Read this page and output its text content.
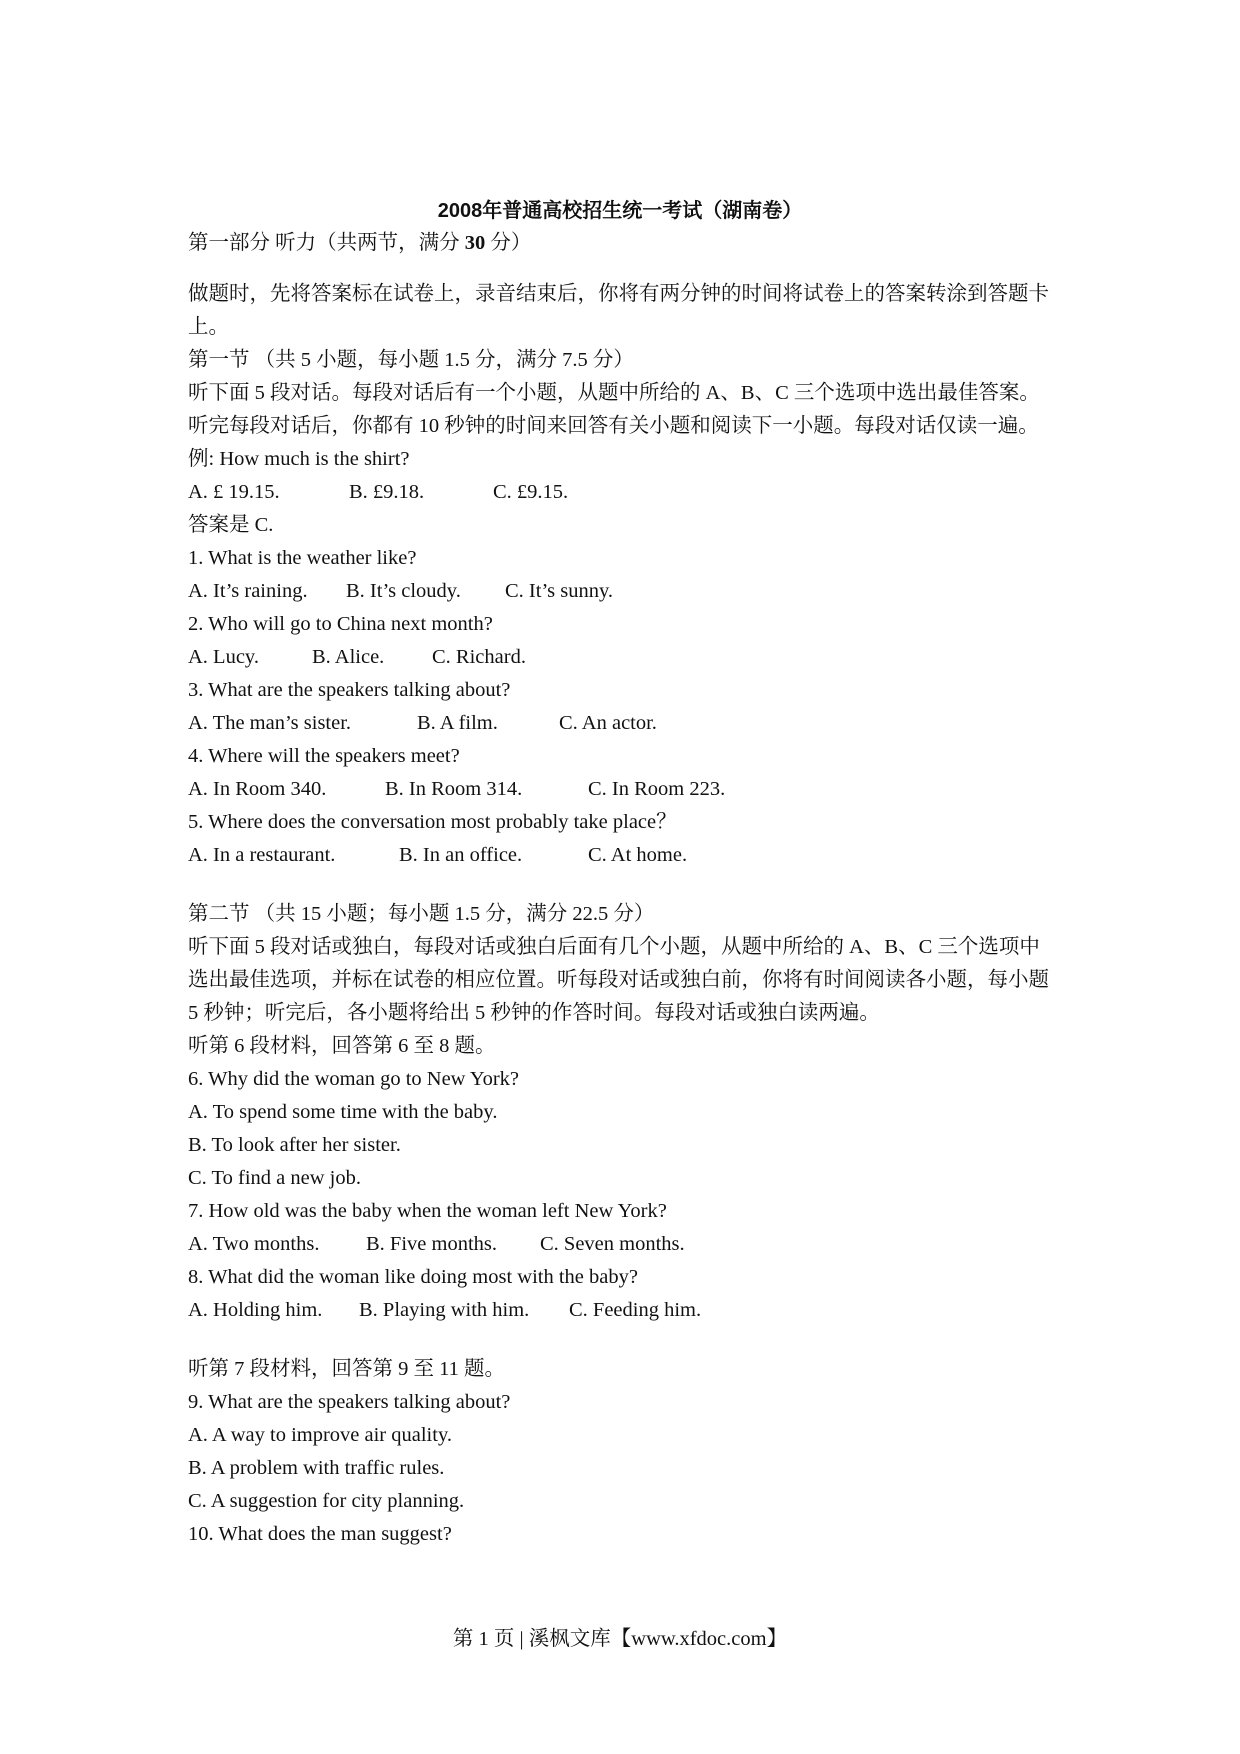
2008年普通高校招生统一考试（湖南卷）
第一部分 听力（共两节，满分 30 分）
做题时，先将答案标在试卷上，录音结束后，你将有两分钟的时间将试卷上的答案转涂到答题卡上。
第一节 （共 5 小题，每小题 1.5 分，满分 7.5 分）
听下面 5 段对话。每段对话后有一个小题，从题中所给的 A、B、C 三个选项中选出最佳答案。听完每段对话后，你都有 10 秒钟的时间来回答有关小题和阅读下一小题。每段对话仅读一遍。
例: How much is the shirt?
A. £ 19.15.	B. £9.18.	C. £9.15.
答案是 C.
1. What is the weather like?
A. It’s raining. B. It’s cloudy. C. It’s sunny.
2. Who will go to China next month?
A. Lucy.	B. Alice. C. Richard.
3. What are the speakers talking about?
A. The man’s sister.	B. A film.	C. An actor.
4. Where will the speakers meet?
A. In Room 340.	B. In Room 314.	C. In Room 223.
5. Where does the conversation most probably take place？
A. In a restaurant.	B. In an office.	C. At home.
第二节 （共 15 小题；每小题 1.5 分，满分 22.5 分）
听下面 5 段对话或独白，每段对话或独白后面有几个小题，从题中所给的 A、B、C 三个选项中选出最佳选项，并标在试卷的相应位置。听每段对话或独白前，你将有时间阅读各小题，每小题 5 秒钟；听完后，各小题将给出 5 秒钟的作答时间。每段对话或独白读两遍。
听第 6 段材料，回答第 6 至 8 题。
6. Why did the woman go to New York?
A. To spend some time with the baby.
B. To look after her sister.
C. To find a new job.
7. How old was the baby when the woman left New York?
A. Two months. B. Five months. C. Seven months.
8. What did the woman like doing most with the baby?
A. Holding him. B. Playing with him. C. Feeding him.
听第 7 段材料，回答第 9 至 11 题。
9. What are the speakers talking about?
A. A way to improve air quality.
B. A problem with traffic rules.
C. A suggestion for city planning.
10. What does the man suggest?
第 1 页 | 溪枫文库【www.xfdoc.com】
